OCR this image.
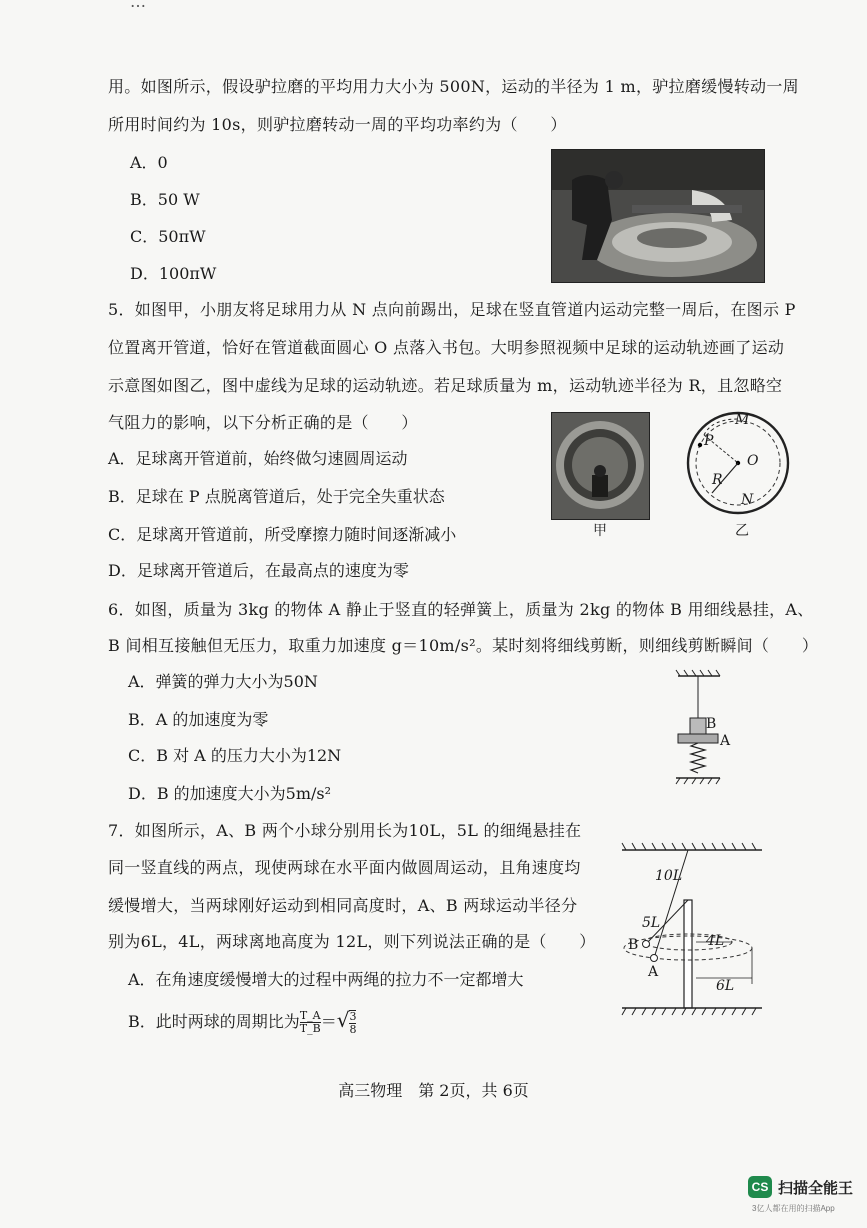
…
用。如图所示，假设驴拉磨的平均用力大小为 500N，运动的半径为 1 m，驴拉磨缓慢转动一周
所用时间约为 10s，则驴拉磨转动一周的平均功率约为（　　）
A．0
B．50 W
C．50πW
D．100πW
5．如图甲，小朋友将足球用力从 N 点向前踢出，足球在竖直管道内运动完整一周后，在图示 P
位置离开管道，恰好在管道截面圆心 O 点落入书包。大明参照视频中足球的运动轨迹画了运动
示意图如图乙，图中虚线为足球的运动轨迹。若足球质量为 m，运动轨迹半径为 R，且忽略空
气阻力的影响，以下分析正确的是（　　）
A．足球离开管道前，始终做匀速圆周运动
B．足球在 P 点脱离管道后，处于完全失重状态
C．足球离开管道前，所受摩擦力随时间逐渐减小
D．足球离开管道后，在最高点的速度为零
甲
M
P
O
R
N
乙
6．如图，质量为 3kg 的物体 A 静止于竖直的轻弹簧上，质量为 2kg 的物体 B 用细线悬挂，A、
B 间相互接触但无压力，取重力加速度 g＝10m/s²。某时刻将细线剪断，则细线剪断瞬间（　　）
A．弹簧的弹力大小为50N
B．A 的加速度为零
C．B 对 A 的压力大小为12N
D．B 的加速度大小为5m/s²
B
A
7．如图所示，A、B 两个小球分别用长为10L，5L 的细绳悬挂在
同一竖直线的两点，现使两球在水平面内做圆周运动，且角速度均
缓慢增大，当两球刚好运动到相同高度时，A、B 两球运动半径分
别为6L，4L，两球离地高度为 12L，则下列说法正确的是（　　）
A．在角速度缓慢增大的过程中两绳的拉力不一定都增大
B．此时两球的周期比为 $\frac{T\_A}{T\_B}$ ＝√ $\frac{3}{8}$
10L
5L
4L
6L
B
A
高三物理　第 2页，共 6页
CS 扫描全能王
3亿人都在用的扫描App
